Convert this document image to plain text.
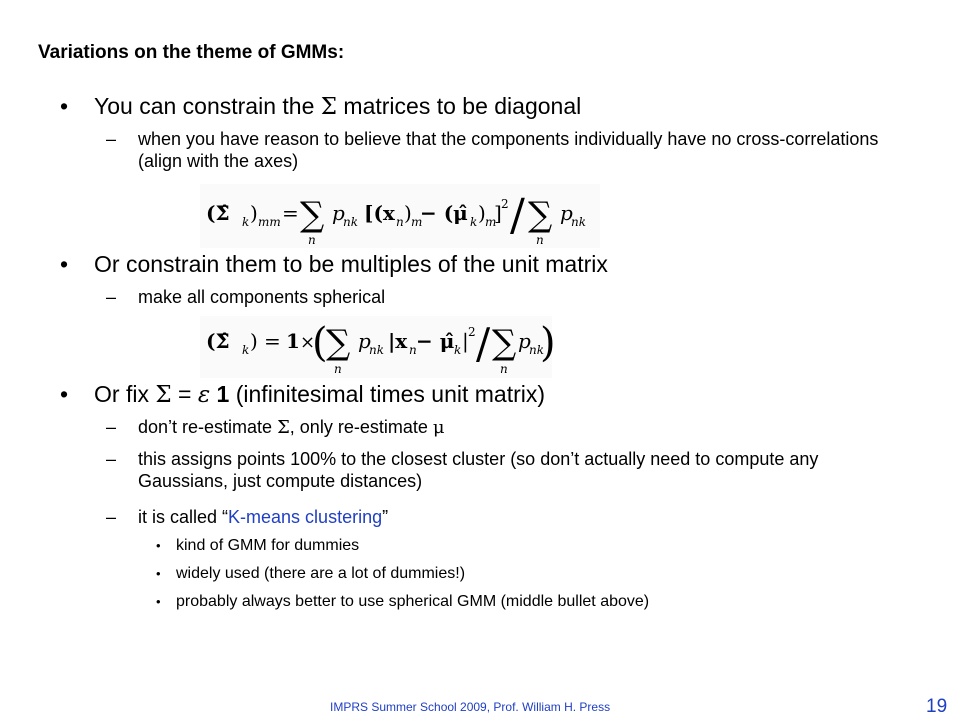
Variations on the theme of GMMs:
• You can constrain the Σ matrices to be diagonal
– when you have reason to believe that the components individually have no cross-correlations (align with the axes)
(Σ̂ k ) mm = ∑
n
p
nk [(x n ) m
− (μ̂ k ) m
] 2 / ∑
n
p
nk
• Or constrain them to be multiples of the unit matrix
– make all components spherical
(Σ̂ k ) = 1 ×
(
∑
n
p
nk |x n − μ̂ k | 2 / ∑
n
p
nk
)
• Or fix Σ = ε 1 (infinitesimal times unit matrix)
– don’t re-estimate Σ, only re-estimate μ
– this assigns points 100% to the closest cluster (so don’t actually need to compute any Gaussians, just compute distances)
– it is called “K-means clustering”
• kind of GMM for dummies
• widely used (there are a lot of dummies!)
• probably always better to use spherical GMM (middle bullet above)
IMPRS Summer School 2009, Prof. William H. Press	19
